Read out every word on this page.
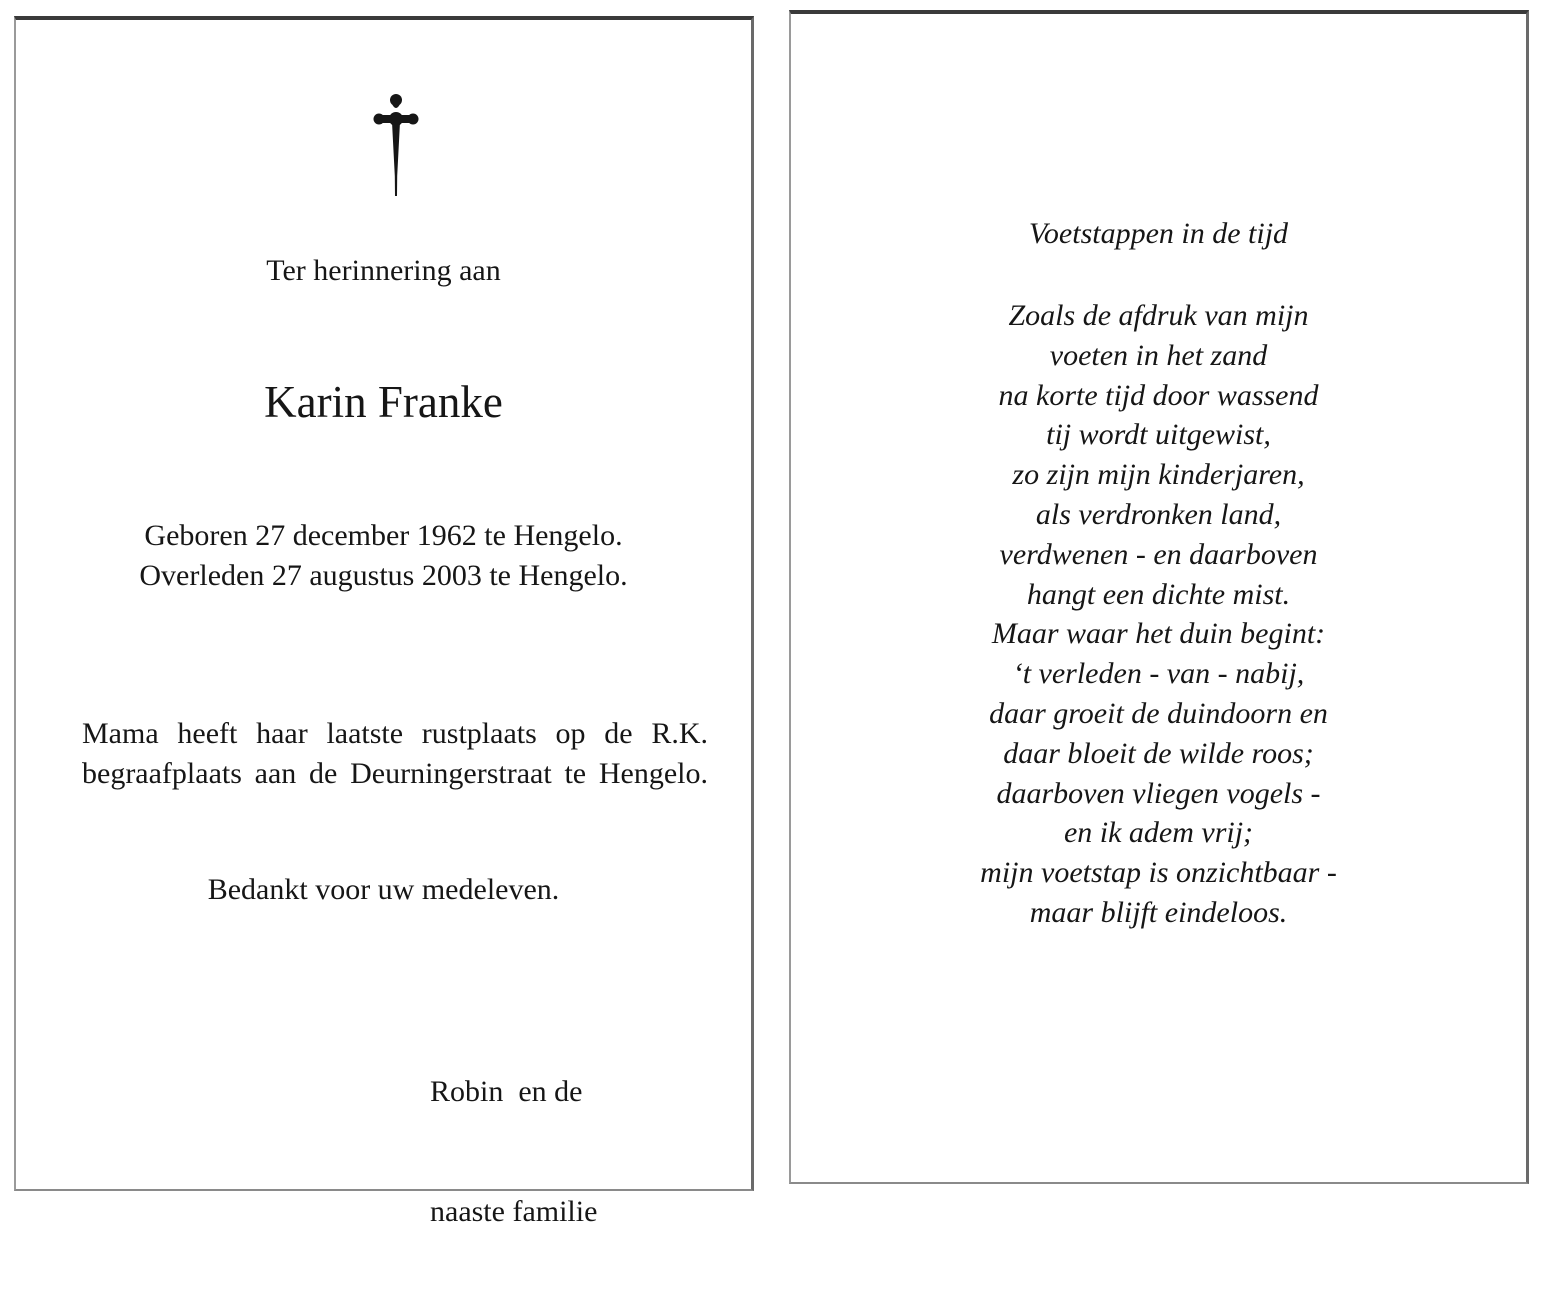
Ter herinnering aan
Karin Franke
Geboren 27 december 1962 te Hengelo.
Overleden 27 augustus 2003 te Hengelo.
Mama heeft haar laatste rustplaats op de R.K.
begraafplaats aan de Deurningerstraat te Hengelo.
Bedankt voor uw medeleven.

Robin  en de

naaste familie

Voetstappen in de tijd
Zoals de afdruk van mijn
voeten in het zand
na korte tijd door wassend
tij wordt uitgewist,
zo zijn mijn kinderjaren,
als verdronken land,
verdwenen - en daarboven
hangt een dichte mist.
Maar waar het duin begint:
‘t verleden - van - nabij,
daar groeit de duindoorn en
daar bloeit de wilde roos;
daarboven vliegen vogels -
en ik adem vrij;
mijn voetstap is onzichtbaar -
maar blijft eindeloos.
